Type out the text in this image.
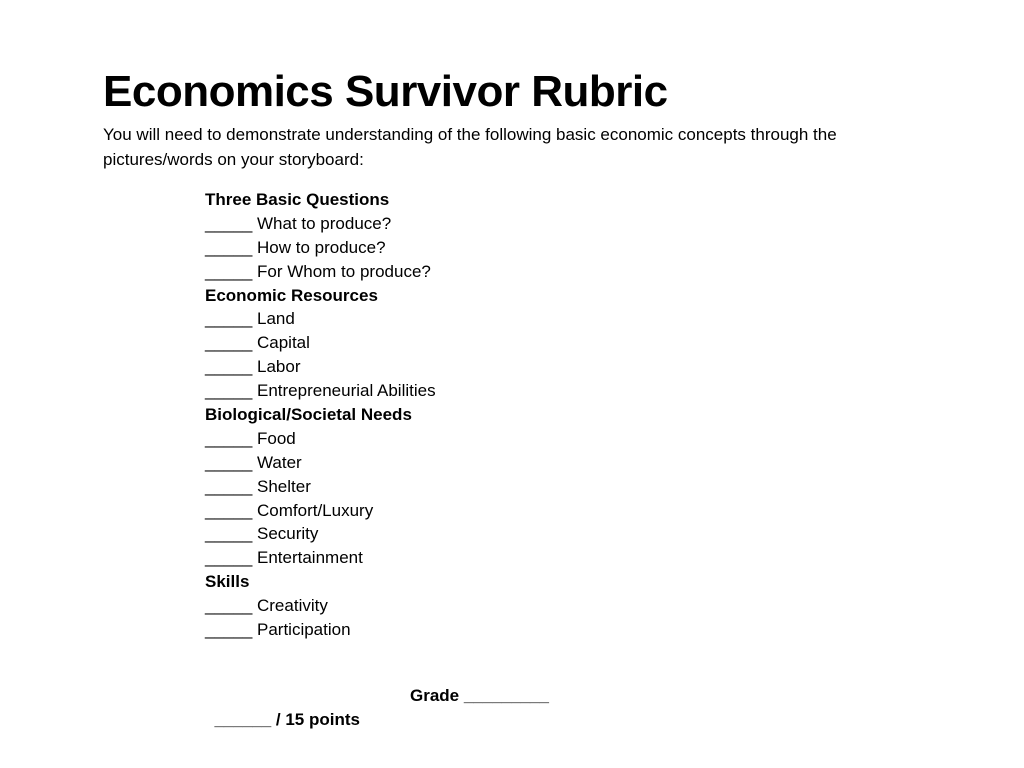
Economics Survivor Rubric

You will need to demonstrate understanding of the following basic economic concepts through the pictures/words on your storyboard:

Three Basic Questions
_____ What to produce?
_____ How to produce?
_____ For Whom to produce?
Economic Resources
_____ Land
_____ Capital
_____ Labor
_____ Entrepreneurial Abilities
Biological/Societal Needs
_____ Food
_____ Water
_____ Shelter
_____ Comfort/Luxury
_____ Security
_____ Entertainment
Skills
_____ Creativity
_____ Participation

______ / 15 points

Grade _________
